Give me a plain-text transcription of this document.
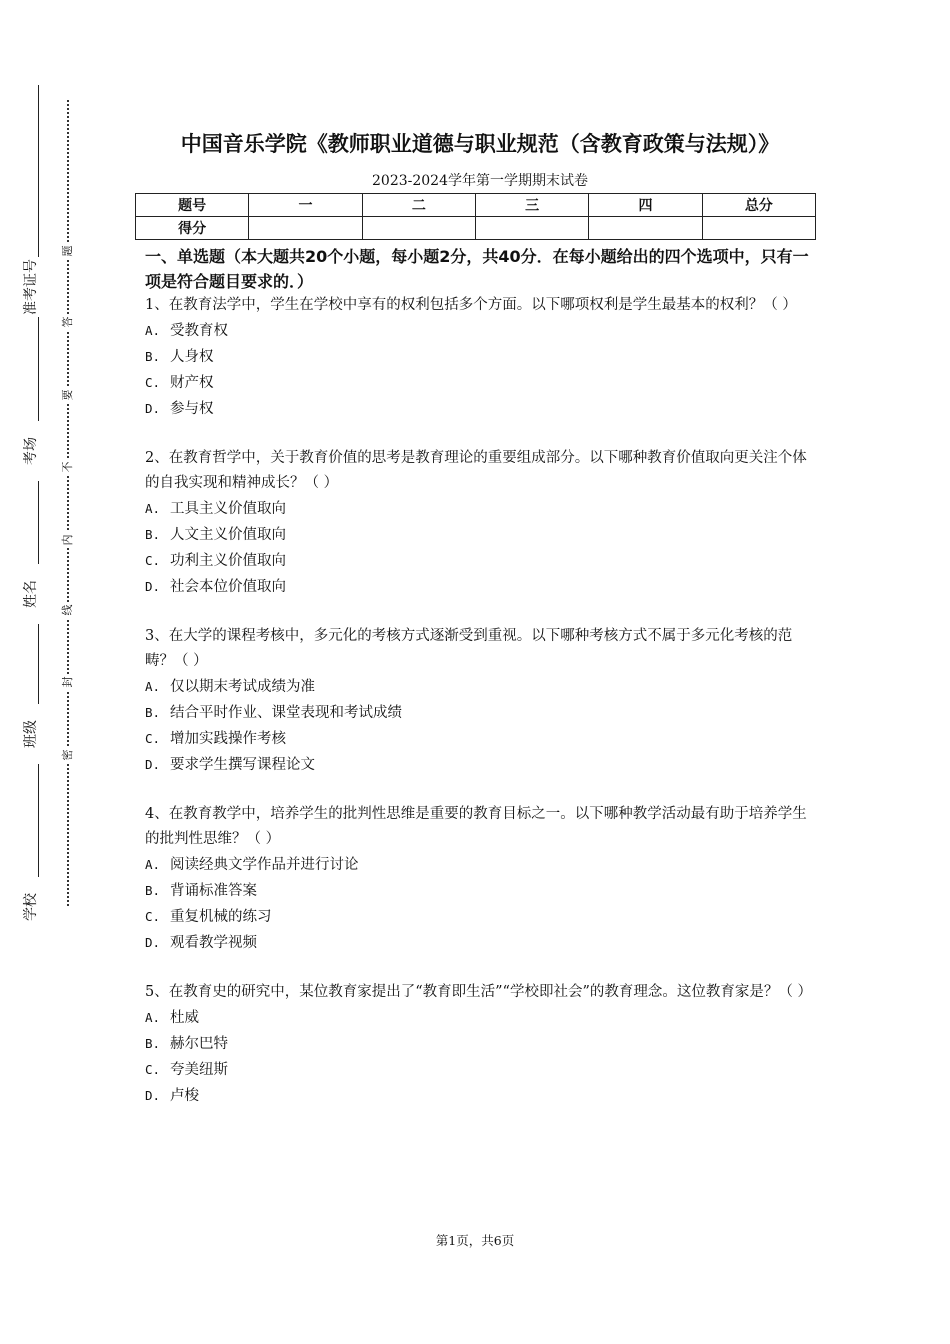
准考证号
考场
姓名
班级
学校
题
答
要
不
内
线
封
密
中国音乐学院《教师职业道德与职业规范（含教育政策与法规）》
2023-2024学年第一学期期末试卷
题号	一	二	三	四	总分
得分					
一、单选题（本大题共20个小题，每小题2分，共40分．在每小题给出的四个选项中，只有一项是符合题目要求的．）
1、在教育法学中，学生在学校中享有的权利包括多个方面。以下哪项权利是学生最基本的权利？（ ）
A. 受教育权
B. 人身权
C. 财产权
D. 参与权
2、在教育哲学中，关于教育价值的思考是教育理论的重要组成部分。以下哪种教育价值取向更关注个体的自我实现和精神成长？（ ）
A. 工具主义价值取向
B. 人文主义价值取向
C. 功利主义价值取向
D. 社会本位价值取向
3、在大学的课程考核中，多元化的考核方式逐渐受到重视。以下哪种考核方式不属于多元化考核的范畴？（ ）
A. 仅以期末考试成绩为准
B. 结合平时作业、课堂表现和考试成绩
C. 增加实践操作考核
D. 要求学生撰写课程论文
4、在教育教学中，培养学生的批判性思维是重要的教育目标之一。以下哪种教学活动最有助于培养学生的批判性思维？（ ）
A. 阅读经典文学作品并进行讨论
B. 背诵标准答案
C. 重复机械的练习
D. 观看教学视频
5、在教育史的研究中，某位教育家提出了“教育即生活”“学校即社会”的教育理念。这位教育家是？（ ）
A. 杜威
B. 赫尔巴特
C. 夸美纽斯
D. 卢梭
第1页，共6页
